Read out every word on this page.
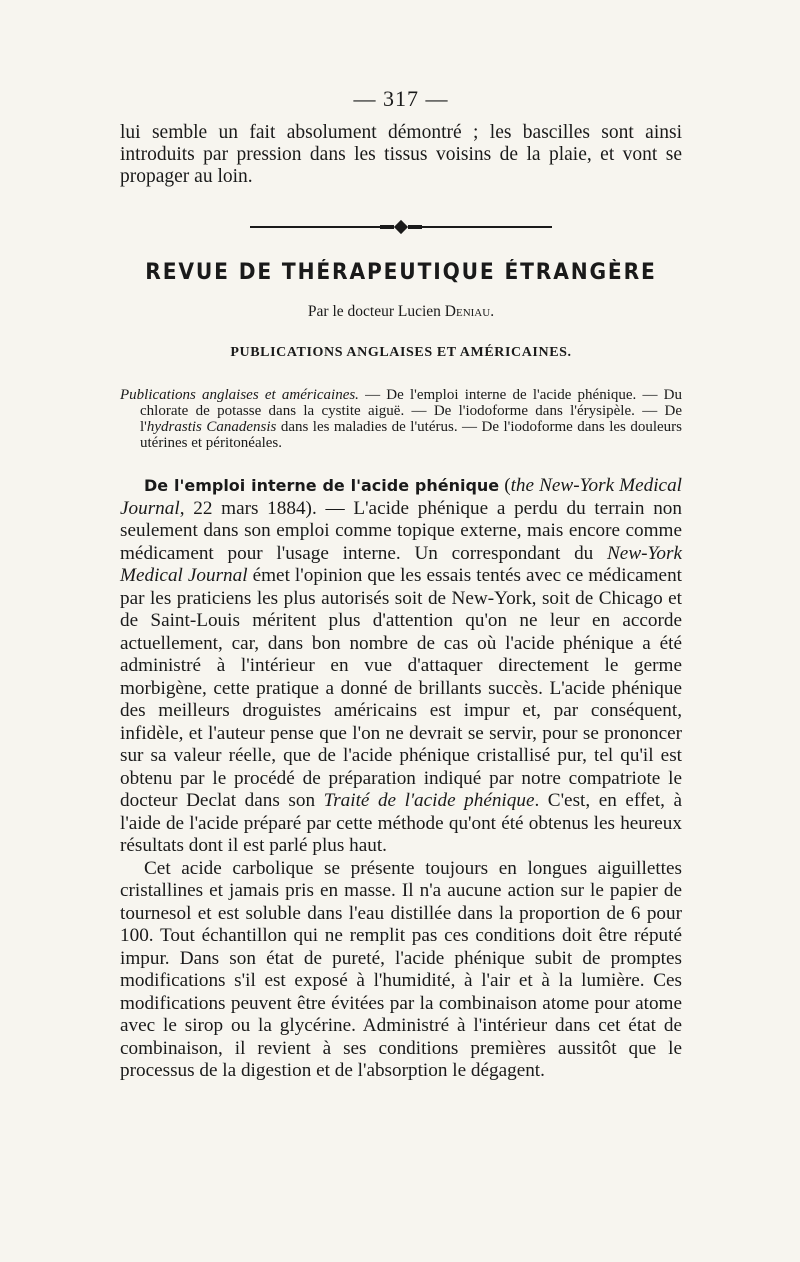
— 317 —

lui semble un fait absolument démontré ; les bascilles sont ainsi introduits par pression dans les tissus voisins de la plaie, et vont se propager au loin.

REVUE DE THÉRAPEUTIQUE ÉTRANGÈRE
Par le docteur Lucien Deniau.
PUBLICATIONS ANGLAISES ET AMÉRICAINES.

Publications anglaises et américaines. — De l'emploi interne de l'acide phénique. — Du chlorate de potasse dans la cystite aiguë. — De l'iodoforme dans l'érysipèle. — De l'hydrastis Canadensis dans les maladies de l'utérus. — De l'iodoforme dans les douleurs utérines et péritonéales.

De l'emploi interne de l'acide phénique (the New-York Medical Journal, 22 mars 1884). — L'acide phénique a perdu du terrain non seulement dans son emploi comme topique externe, mais encore comme médicament pour l'usage interne. Un correspondant du New-York Medical Journal émet l'opinion que les essais tentés avec ce médicament par les praticiens les plus autorisés soit de New-York, soit de Chicago et de Saint-Louis méritent plus d'attention qu'on ne leur en accorde actuellement, car, dans bon nombre de cas où l'acide phénique a été administré à l'intérieur en vue d'attaquer directement le germe morbigène, cette pratique a donné de brillants succès. L'acide phénique des meilleurs droguistes américains est impur et, par conséquent, infidèle, et l'auteur pense que l'on ne devrait se servir, pour se prononcer sur sa valeur réelle, que de l'acide phénique cristallisé pur, tel qu'il est obtenu par le procédé de préparation indiqué par notre compatriote le docteur Declat dans son Traité de l'acide phénique. C'est, en effet, à l'aide de l'acide préparé par cette méthode qu'ont été obtenus les heureux résultats dont il est parlé plus haut.

Cet acide carbolique se présente toujours en longues aiguillettes cristallines et jamais pris en masse. Il n'a aucune action sur le papier de tournesol et est soluble dans l'eau distillée dans la proportion de 6 pour 100. Tout échantillon qui ne remplit pas ces conditions doit être réputé impur. Dans son état de pureté, l'acide phénique subit de promptes modifications s'il est exposé à l'humidité, à l'air et à la lumière. Ces modifications peuvent être évitées par la combinaison atome pour atome avec le sirop ou la glycérine. Administré à l'intérieur dans cet état de combinaison, il revient à ses conditions premières aussitôt que le processus de la digestion et de l'absorption le dégagent.
